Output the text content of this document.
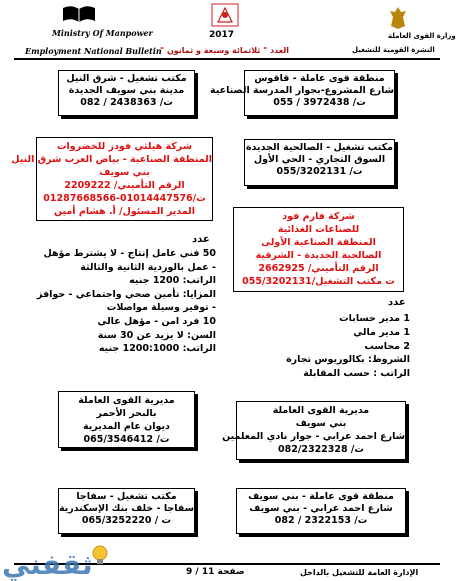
Ministry Of Manpower
Employment National Bulletin
2017
العدد " ثلاثمائة وسبعة و ثمانون "
وزارة القوى العاملة
النشرة القومية للتشغيل
مكتب تشغيل - شرق النيل
مدينة بني سويف الجديدة
ت/ 2438363 / 082
منطقة قوى عاملة - قاقوس
شارع المشروع-بجوار المدرسة الصناعية
ت/ 3972438 / 055
شركة هيلثي فودز للخضروات
المنطقة الصناعية - بياض العرب شرق النيل
بني سويف
الرقم التأميني/ 2209222
ت/01014447576-01287668566
المدير المسئول/ أ. هشام أمين
مكتب تشغيل - الصالحية الجديدة
السوق التجاري - الحي الأول
ت/ 055/3202131
شركة فارم فود
للصناعات الغذائية
المنطقة الصناعية الأولى
الصالحية الجديدة - الشرقية
الرقم التأميني/ 2662925
ت مكتب التشغيل/055/3202131
عدد
50 فني عامل إنتاج - لا يشترط مؤهل
- عمل بالوردية الثانية والثالثة
الراتب: 1200 جنيه
المزايا: تأمين صحي واجتماعي - حوافز
- توفير وسيلة مواصلات
10 فرد امن - مؤهل عالي
السن: لا يزيد عن 30 سنة
الراتب: 1200:1000 جنيه
عدد
1 مدير حسابات
1 مدير مالي
2 محاسب
الشروط: بكالوريوس تجارة
الراتب : حسب المقابلة
مديرية القوى العاملة
بالبحر الأحمر
ديوان عام المديرية
ت/ 065/3546412
مديرية القوى العاملة
بني سويف
شارع احمد عرابي - جوار نادي المعلمين
ت/ 082/2322328
مكتب تشغيل - سفاجا
سفاجا - خلف بنك الإسكندرية
ت / 065/3252220
منطقة قوى عاملة - بني سويف
شارع احمد عرابي - بني سويف
ت/ 2322153 / 082
صفحة 11 / 9	الإدارة العامة للتشغيل بالداخل
ثقفني
